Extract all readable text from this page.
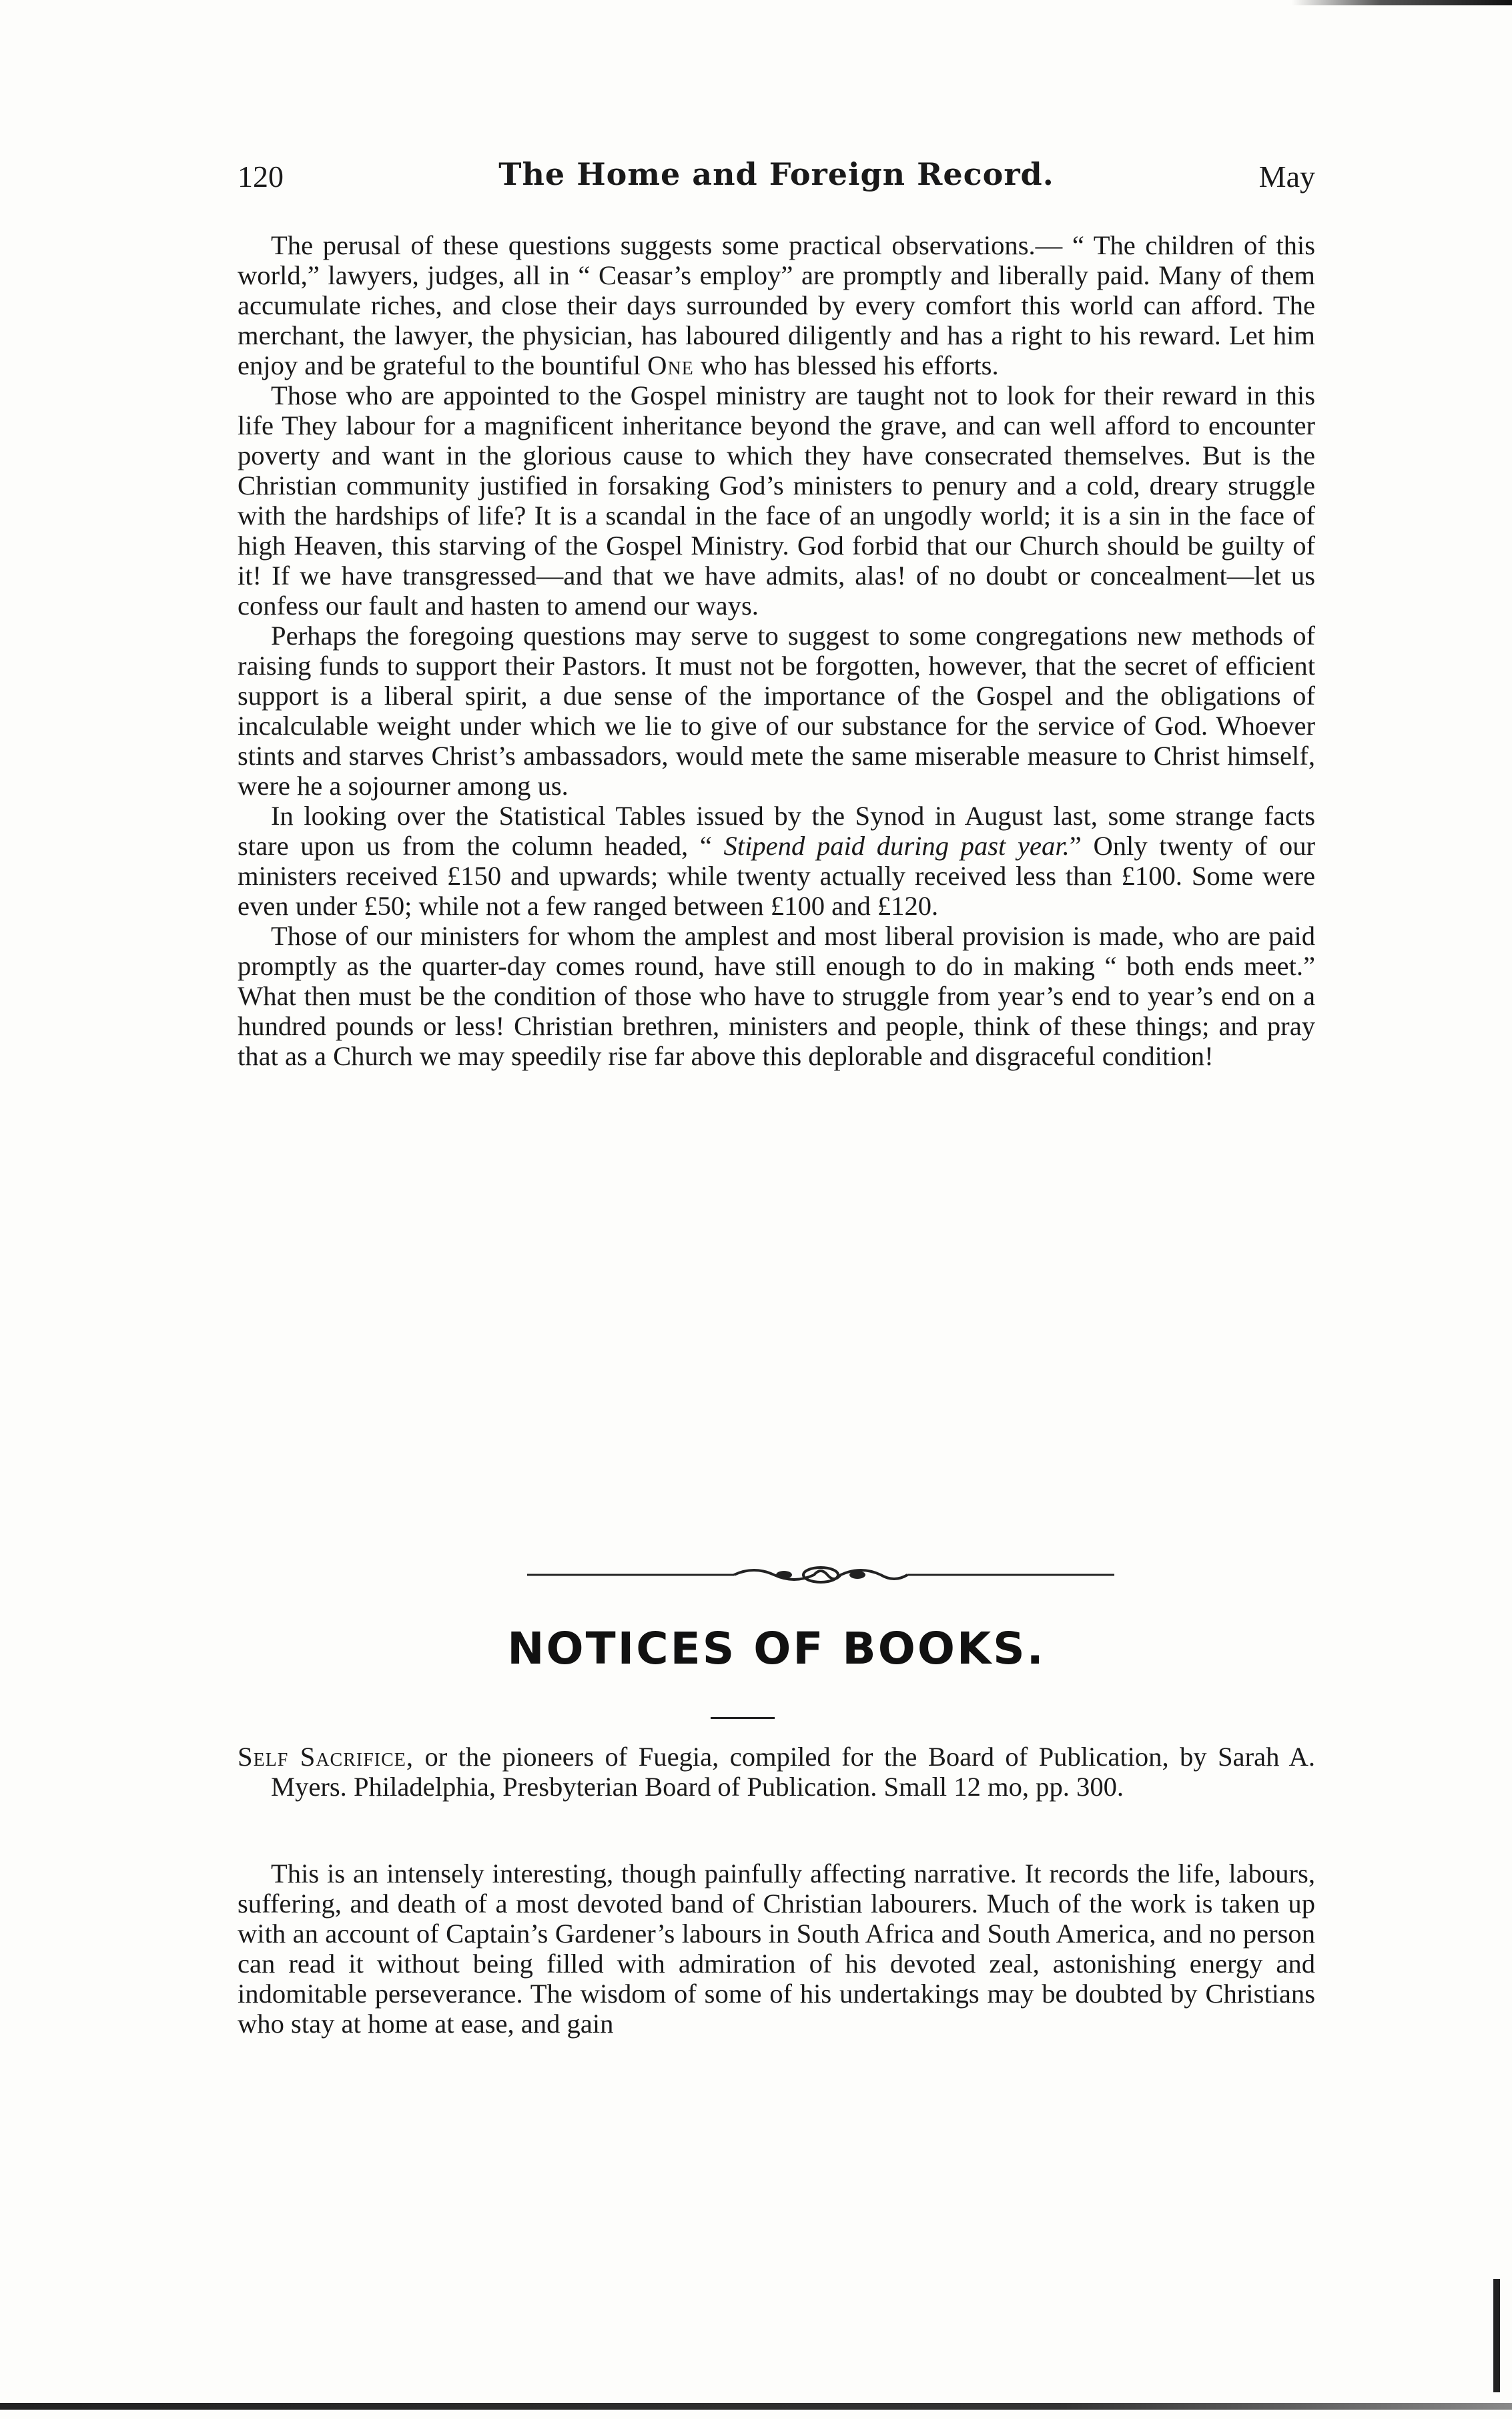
120	The Home and Foreign Record.	May

The perusal of these questions suggests some practical observations.— “ The children of this world,” lawyers, judges, all in “ Ceasar’s employ” are promptly and liberally paid. Many of them accumulate riches, and close their days surrounded by every comfort this world can afford. The merchant, the lawyer, the physician, has laboured diligently and has a right to his reward. Let him enjoy and be grateful to the bountiful One who has blessed his efforts.

Those who are appointed to the Gospel ministry are taught not to look for their reward in this life They labour for a magnificent inheritance beyond the grave, and can well afford to encounter poverty and want in the glorious cause to which they have consecrated themselves. But is the Christian community justified in forsaking God’s ministers to penury and a cold, dreary struggle with the hardships of life? It is a scandal in the face of an ungodly world; it is a sin in the face of high Heaven, this starving of the Gospel Ministry. God forbid that our Church should be guilty of it! If we have transgressed—and that we have admits, alas! of no doubt or concealment—let us confess our fault and hasten to amend our ways.

Perhaps the foregoing questions may serve to suggest to some congregations new methods of raising funds to support their Pastors. It must not be forgotten, however, that the secret of efficient support is a liberal spirit, a due sense of the importance of the Gospel and the obligations of incalculable weight under which we lie to give of our substance for the service of God. Whoever stints and starves Christ’s ambassadors, would mete the same miserable measure to Christ himself, were he a sojourner among us.

In looking over the Statistical Tables issued by the Synod in August last, some strange facts stare upon us from the column headed, “ Stipend paid during past year.” Only twenty of our ministers received £150 and upwards; while twenty actually received less than £100. Some were even under £50; while not a few ranged between £100 and £120.

Those of our ministers for whom the amplest and most liberal provision is made, who are paid promptly as the quarter-day comes round, have still enough to do in making “ both ends meet.” What then must be the condition of those who have to struggle from year’s end to year’s end on a hundred pounds or less! Christian brethren, ministers and people, think of these things; and pray that as a Church we may speedily rise far above this deplorable and disgraceful condition!

NOTICES OF BOOKS.
Self Sacrifice, or the pioneers of Fuegia, compiled for the Board of Publication, by Sarah A. Myers. Philadelphia, Presbyterian Board of Publication. Small 12 mo, pp. 300.
This is an intensely interesting, though painfully affecting narrative. It records the life, labours, suffering, and death of a most devoted band of Christian labourers. Much of the work is taken up with an account of Captain’s Gardener’s labours in South Africa and South America, and no person can read it without being filled with admiration of his devoted zeal, astonishing energy and indomitable perseverance. The wisdom of some of his undertakings may be doubted by Christians who stay at home at ease, and gain
